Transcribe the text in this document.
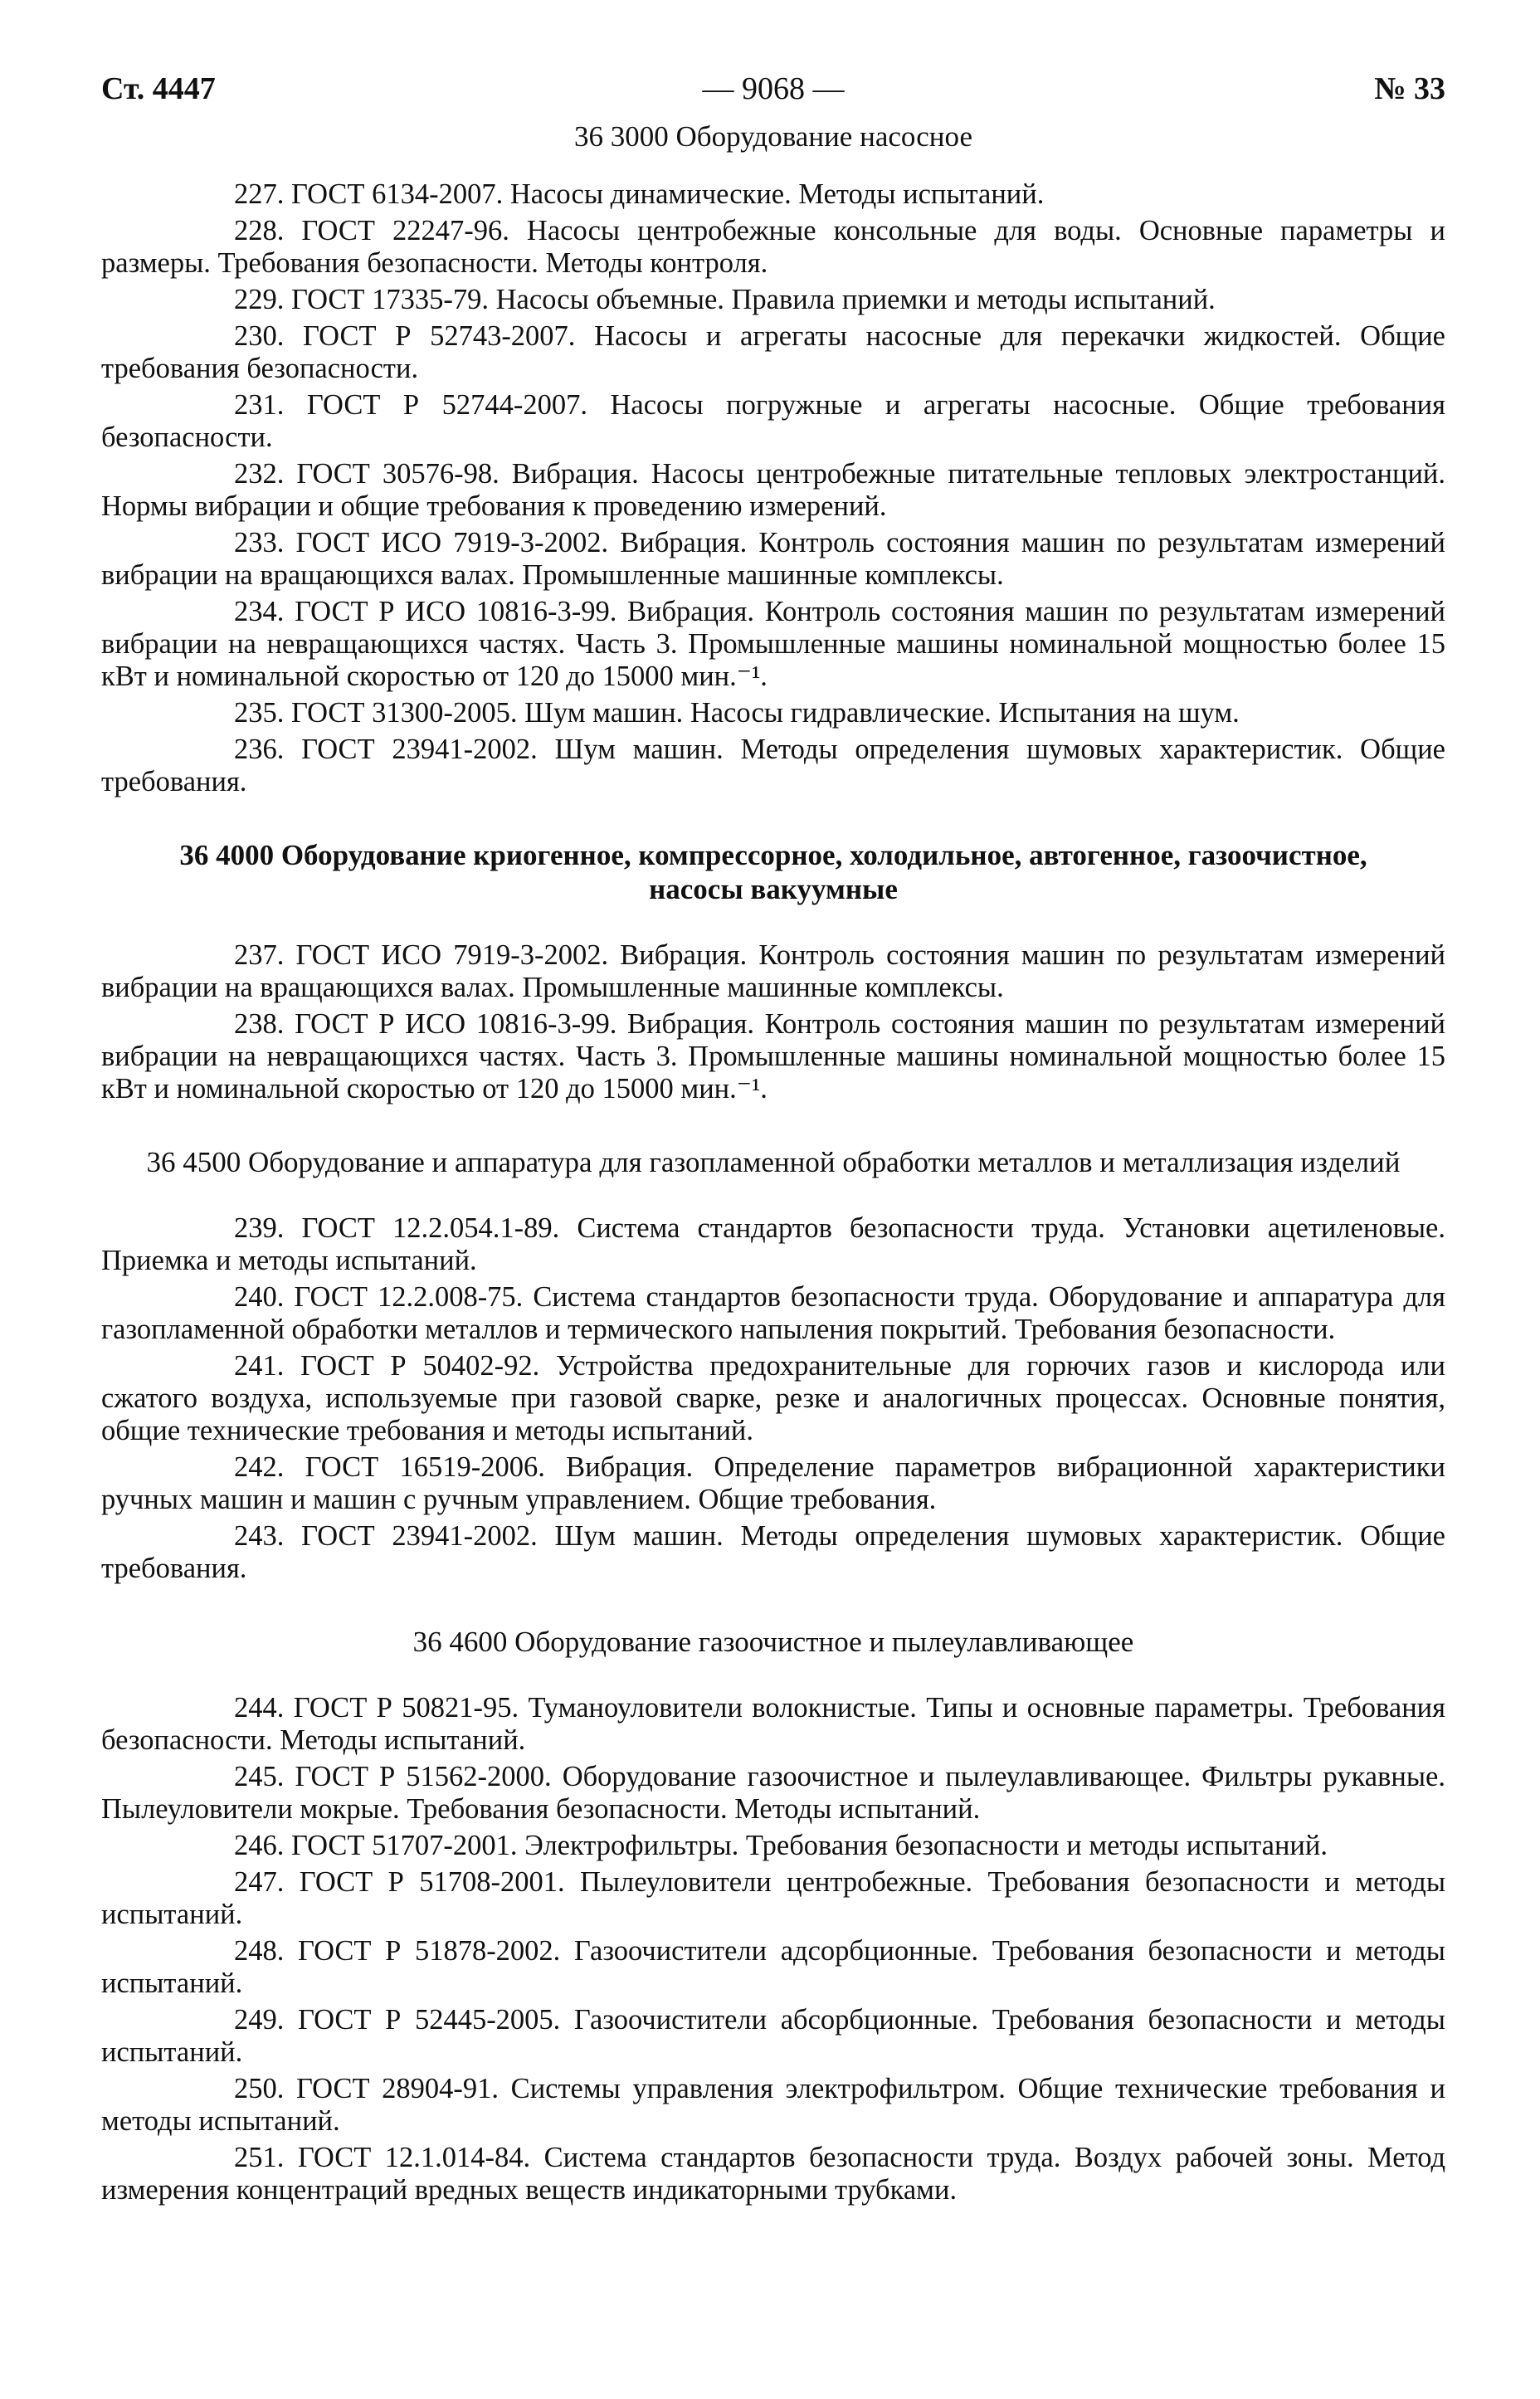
Ст. 4447	— 9068 —	№ 33
36 3000 Оборудование насосное

227. ГОСТ 6134-2007. Насосы динамические. Методы испытаний.

228. ГОСТ 22247-96. Насосы центробежные консольные для воды. Основные параметры и размеры. Требования безопасности. Методы контроля.

229. ГОСТ 17335-79. Насосы объемные. Правила приемки и методы испытаний.

230. ГОСТ Р 52743-2007. Насосы и агрегаты насосные для перекачки жидкостей. Общие требования безопасности.

231. ГОСТ Р 52744-2007. Насосы погружные и агрегаты насосные. Общие требования безопасности.

232. ГОСТ 30576-98. Вибрация. Насосы центробежные питательные тепловых электростанций. Нормы вибрации и общие требования к проведению измерений.

233. ГОСТ ИСО 7919-3-2002. Вибрация. Контроль состояния машин по результатам измерений вибрации на вращающихся валах. Промышленные машинные комплексы.

234. ГОСТ Р ИСО 10816-3-99. Вибрация. Контроль состояния машин по результатам измерений вибрации на невращающихся частях. Часть 3. Промышленные машины номинальной мощностью более 15 кВт и номинальной скоростью от 120 до 15000 мин.⁻¹.

235. ГОСТ 31300-2005. Шум машин. Насосы гидравлические. Испытания на шум.

236. ГОСТ 23941-2002. Шум машин. Методы определения шумовых характеристик. Общие требования.

36 4000 Оборудование криогенное, компрессорное, холодильное, автогенное, газоочистное, насосы вакуумные

237. ГОСТ ИСО 7919-3-2002. Вибрация. Контроль состояния машин по результатам измерений вибрации на вращающихся валах. Промышленные машинные комплексы.

238. ГОСТ Р ИСО 10816-3-99. Вибрация. Контроль состояния машин по результатам измерений вибрации на невращающихся частях. Часть 3. Промышленные машины номинальной мощностью более 15 кВт и номинальной скоростью от 120 до 15000 мин.⁻¹.

36 4500 Оборудование и аппаратура для газопламенной обработки металлов и металлизация изделий

239. ГОСТ 12.2.054.1-89. Система стандартов безопасности труда. Установки ацетиленовые. Приемка и методы испытаний.

240. ГОСТ 12.2.008-75. Система стандартов безопасности труда. Оборудование и аппаратура для газопламенной обработки металлов и термического напыления покрытий. Требования безопасности.

241. ГОСТ Р 50402-92. Устройства предохранительные для горючих газов и кислорода или сжатого воздуха, используемые при газовой сварке, резке и аналогичных процессах. Основные понятия, общие технические требования и методы испытаний.

242. ГОСТ 16519-2006. Вибрация. Определение параметров вибрационной характеристики ручных машин и машин с ручным управлением. Общие требования.

243. ГОСТ 23941-2002. Шум машин. Методы определения шумовых характеристик. Общие требования.

36 4600 Оборудование газоочистное и пылеулавливающее

244. ГОСТ Р 50821-95. Туманоуловители волокнистые. Типы и основные параметры. Требования безопасности. Методы испытаний.

245. ГОСТ Р 51562-2000. Оборудование газоочистное и пылеулавливающее. Фильтры рукавные. Пылеуловители мокрые. Требования безопасности. Методы испытаний.

246. ГОСТ 51707-2001. Электрофильтры. Требования безопасности и методы испытаний.

247. ГОСТ Р 51708-2001. Пылеуловители центробежные. Требования безопасности и методы испытаний.

248. ГОСТ Р 51878-2002. Газоочистители адсорбционные. Требования безопасности и методы испытаний.

249. ГОСТ Р 52445-2005. Газоочистители абсорбционные. Требования безопасности и методы испытаний.

250. ГОСТ 28904-91. Системы управления электрофильтром. Общие технические требования и методы испытаний.

251. ГОСТ 12.1.014-84. Система стандартов безопасности труда. Воздух рабочей зоны. Метод измерения концентраций вредных веществ индикаторными трубками.
